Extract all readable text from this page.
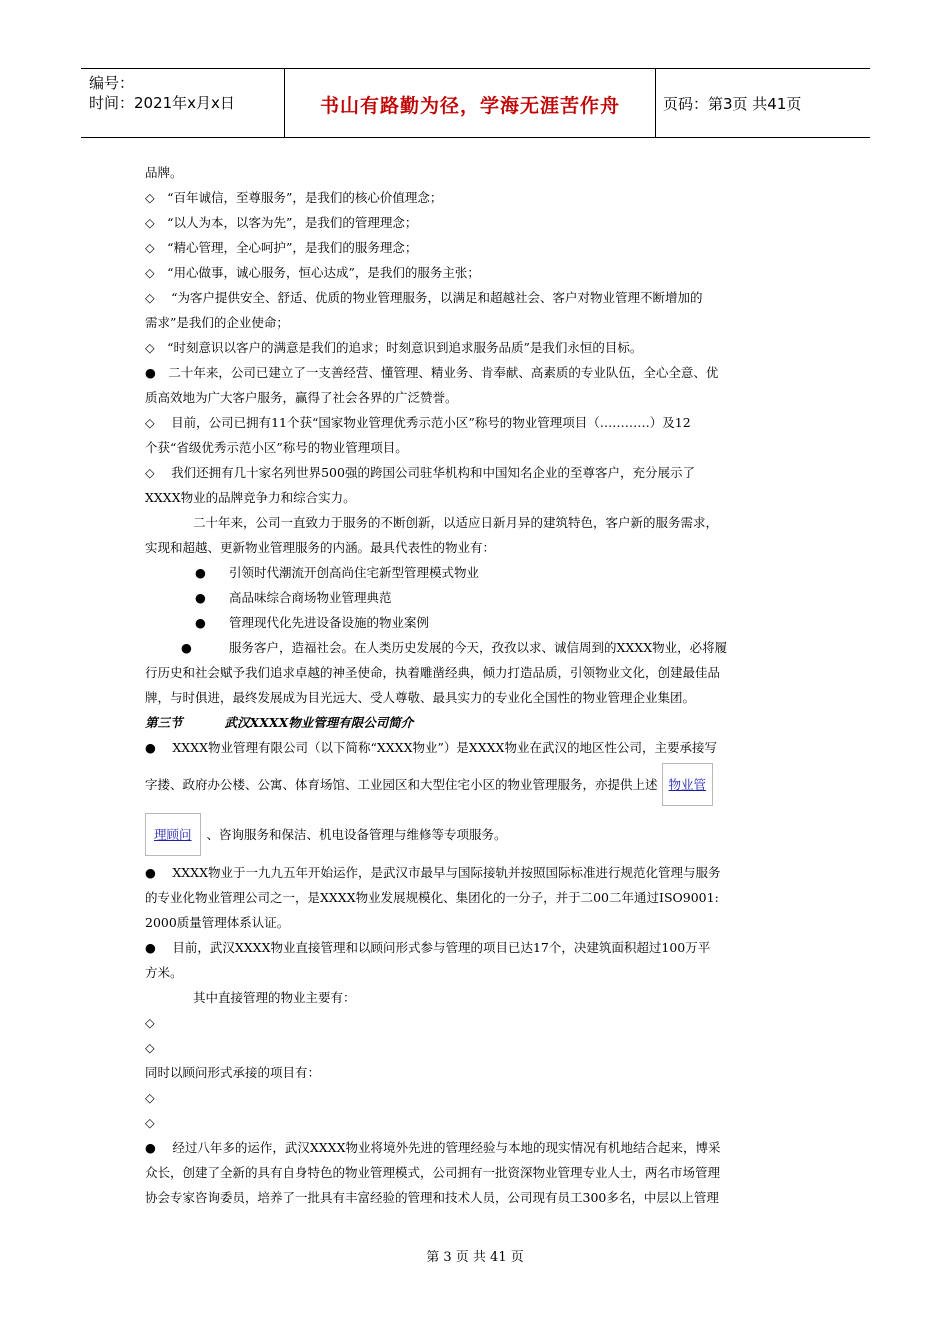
编号：
时间：2021年x月x日	书山有路勤为径，学海无涯苦作舟	页码：第3页 共41页
品牌。
◇　“百年诚信，至尊服务”，是我们的核心价值理念；
◇　“以人为本，以客为先”，是我们的管理理念；
◇　“精心管理，全心呵护”，是我们的服务理念；
◇　“用心做事，诚心服务，恒心达成”，是我们的服务主张；
◇　 “为客户提供安全、舒适、优质的物业管理服务，以满足和超越社会、客户对物业管理不断增加的
需求”是我们的企业使命；
◇　“时刻意识以客户的满意是我们的追求；时刻意识到追求服务品质”是我们永恒的目标。
●　二十年来，公司已建立了一支善经营、懂管理、精业务、肯奉献、高素质的专业队伍，全心全意、优
质高效地为广大客户服务，赢得了社会各界的广泛赞誉。
◇　 目前，公司已拥有11个获“国家物业管理优秀示范小区”称号的物业管理项目（…………）及12
个获“省级优秀示范小区”称号的物业管理项目。
◇　 我们还拥有几十家名列世界500强的跨国公司驻华机构和中国知名企业的至尊客户，充分展示了
XXXX物业的品牌竞争力和综合实力。
二十年来，公司一直致力于服务的不断创新，以适应日新月异的建筑特色，客户新的服务需求，
实现和超越、更新物业管理服务的内涵。最具代表性的物业有：
● 引领时代潮流开创高尚住宅新型管理模式物业
● 高品味综合商场物业管理典范
● 管理现代化先进设备设施的物业案例
●	服务客户，造福社会。在人类历史发展的今天，孜孜以求、诚信周到的XXXX物业，必将履
行历史和社会赋予我们追求卓越的神圣使命，执着雕凿经典，倾力打造品质，引领物业文化，创建最佳品
牌，与时俱进，最终发展成为目光远大、受人尊敬、最具实力的专业化全国性的物业管理企业集团。
第三节	武汉XXXX物业管理有限公司简介
●　 XXXX物业管理有限公司（以下简称“XXXX物业”）是XXXX物业在武汉的地区性公司，主要承接写
字搂、政府办公楼、公寓、体育场馆、工业园区和大型住宅小区的物业管理服务，亦提供上述 物业管
理顾问 、咨询服务和保洁、机电设备管理与维修等专项服务。
●　 XXXX物业于一九九五年开始运作，是武汉市最早与国际接轨并按照国际标准进行规范化管理与服务
的专业化物业管理公司之一，是XXXX物业发展规模化、集团化的一分子，并于二00二年通过ISO9001:
2000质量管理体系认证。
●　 目前，武汉XXXX物业直接管理和以顾问形式参与管理的项目已达17个，决建筑面积超过100万平
方米。
其中直接管理的物业主要有：
◇
◇
同时以顾问形式承接的项目有：
◇
◇
●　 经过八年多的运作，武汉XXXX物业将境外先进的管理经验与本地的现实情况有机地结合起来，博采
众长，创建了全新的具有自身特色的物业管理模式，公司拥有一批资深物业管理专业人士，两名市场管理
协会专家咨询委员，培养了一批具有丰富经验的管理和技术人员，公司现有员工300多名，中层以上管理
第 3 页 共 41 页
